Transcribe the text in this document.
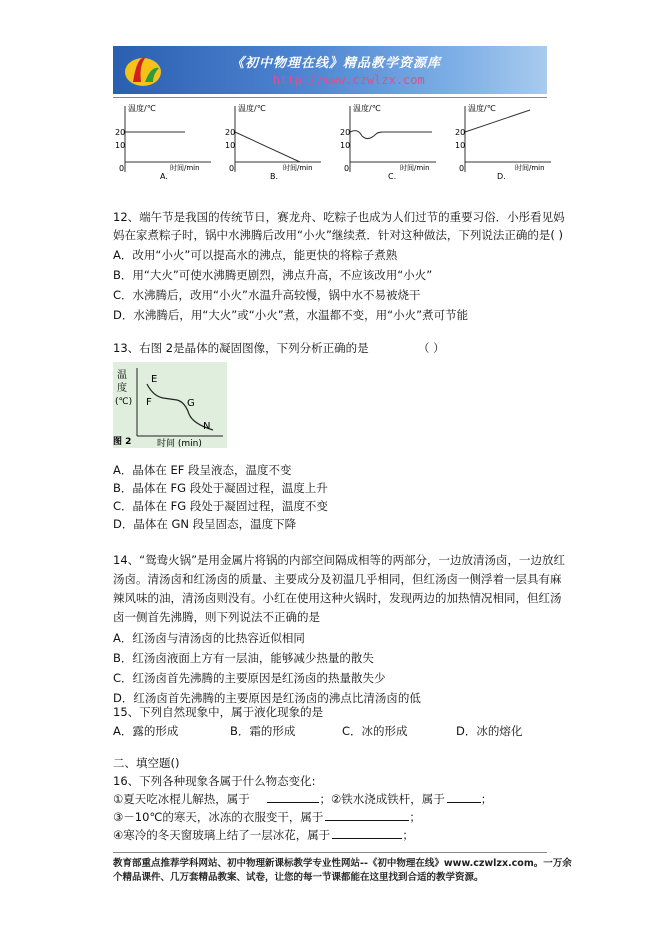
《初中物理在线》精品教学资源库
http://www.czwlzx.com
温度/℃
20
10
0	时间/min
A.
温度/℃
20
10
0	时间/min
B.
温度/℃
20
10
0	时间/min
C.
温度/℃
20
10
0	时间/min
D.
12、端午节是我国的传统节日，赛龙舟、吃粽子也成为人们过节的重要习俗．小彤看见妈
妈在家煮粽子时，锅中水沸腾后改用“小火”继续煮．针对这种做法，下列说法正确的是( )
A．改用“小火”可以提高水的沸点，能更快的将粽子煮熟
B．用“大火”可使水沸腾更剧烈，沸点升高，不应该改用“小火”
C．水沸腾后，改用“小火”水温升高较慢，锅中水不易被烧干
D．水沸腾后，用“大火”或“小火”煮，水温都不变，用“小火”煮可节能
13、右图 2是晶体的凝固图像，下列分析正确的是	（ ）
温
度
(℃)
E
F	G
N
图 2	时间 (min)
A．晶体在 EF 段呈液态，温度不变
B．晶体在 FG 段处于凝固过程，温度上升
C．晶体在 FG 段处于凝固过程，温度不变
D．晶体在 GN 段呈固态，温度下降
14、“鸳鸯火锅”是用金属片将锅的内部空间隔成相等的两部分，一边放清汤卤，一边放红
汤卤。清汤卤和红汤卤的质量、主要成分及初温几乎相同，但红汤卤一侧浮着一层具有麻
辣风味的油，清汤卤则没有。小红在使用这种火锅时，发现两边的加热情况相同，但红汤
卤一侧首先沸腾，则下列说法不正确的是
A．红汤卤与清汤卤的比热容近似相同
B．红汤卤液面上方有一层油，能够减少热量的散失
C．红汤卤首先沸腾的主要原因是红汤卤的热量散失少
D．红汤卤首先沸腾的主要原因是红汤卤的沸点比清汤卤的低
15、下列自然现象中，属于液化现象的是
A．露的形成	B．霜的形成	C．冰的形成	D．冰的熔化
二、填空题()
16、下列各种现象各属于什么物态变化:
①夏天吃冰棍儿解热，属于	；②铁水浇成铁杆，属于	；
③－10℃的寒天，冰冻的衣服变干，属于	；
④寒冷的冬天窗玻璃上结了一层冰花，属于	；
教育部重点推荐学科网站、初中物理新课标教学专业性网站--《初中物理在线》www.czwlzx.com。一万余
个精品课件、几万套精品教案、试卷，让您的每一节课都能在这里找到合适的教学资源。
